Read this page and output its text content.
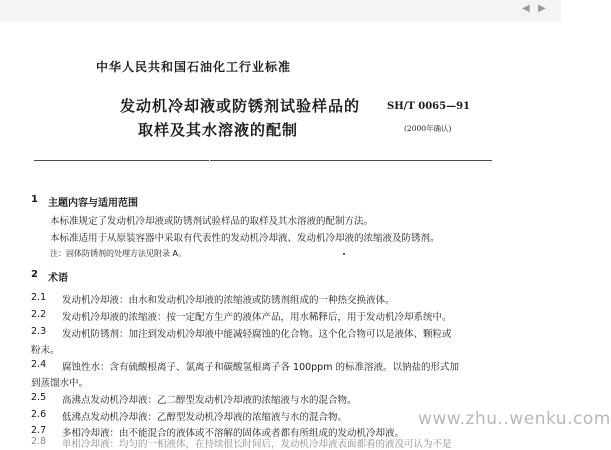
◀ ▶
中华人民共和国石油化工行业标准
发动机冷却液或防锈剂试验样品的
取样及其水溶液的配制
SH/T 0065—91
(2000年确认)
1 主题内容与适用范围
本标准规定了发动机冷却液或防锈剂试验样品的取样及其水溶液的配制方法。
本标准适用于从原装容器中采取有代表性的发动机冷却液、发动机冷却液的浓缩液及防锈剂。
注：固体防锈剂的处理方法见附录 A。
2 术语
2.1 发动机冷却液：由水和发动机冷却液的浓缩液或防锈剂组成的一种热交换液体。
2.2 发动机冷却液的浓缩液：按一定配方生产的液体产品，用水稀释后，用于发动机冷却系统中。
2.3 发动机防锈剂：加注到发动机冷却液中能减轻腐蚀的化合物。这个化合物可以是液体、颗粒或
粉末。
2.4 腐蚀性水：含有硫酸根离子、氯离子和碳酸氢根离子各 100ppm 的标准溶液。以钠盐的形式加
到蒸馏水中。
2.5 高沸点发动机冷却液：乙二醇型发动机冷却液的浓缩液与水的混合物。
2.6 低沸点发动机冷却液：乙醇型发动机冷却液的浓缩液与水的混合物。
2.7 多相冷却液：由不能混合的液体或不溶解的固体或者都有所组成的发动机冷却液。
2.8 单相冷却液：均匀的一相液体，在持续很长时间后，发动机冷却液表面都看的液没可认为不是
www.zhu..wenku.com
